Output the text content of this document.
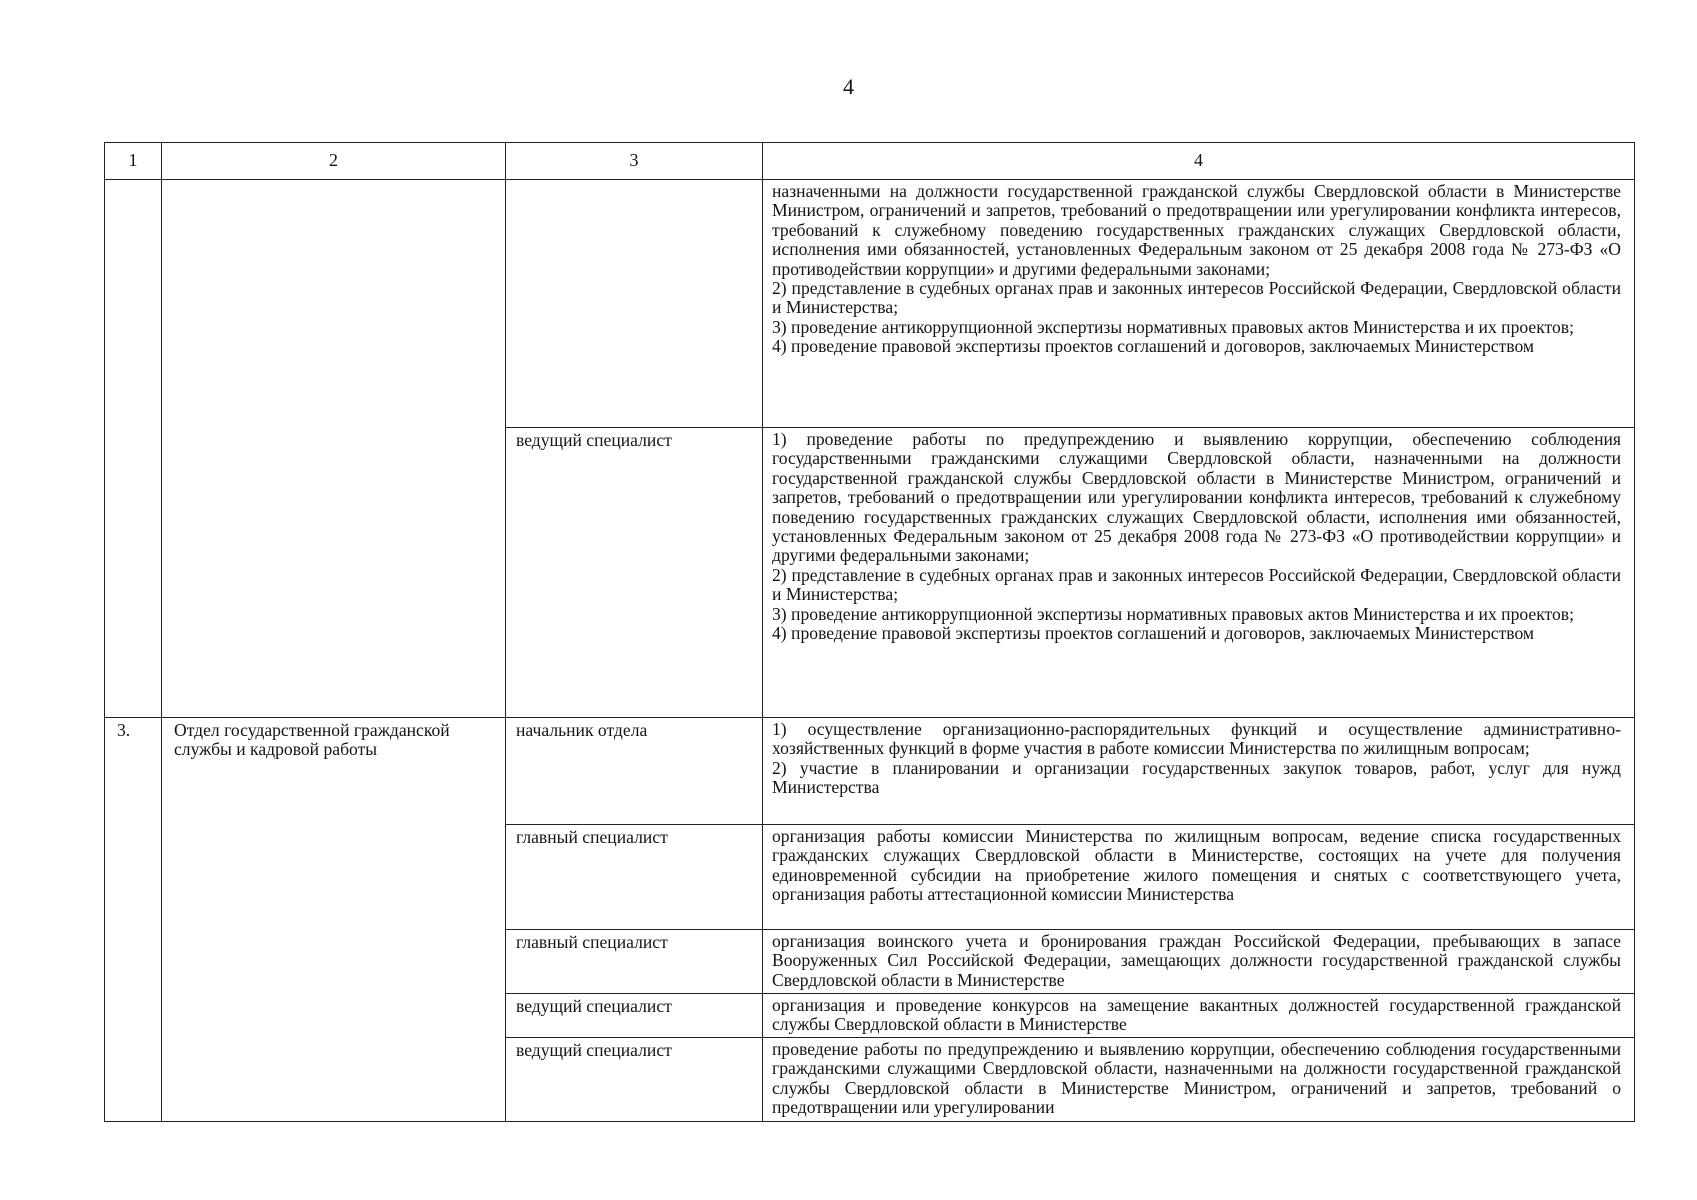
4
1	2	3	4

			назначенными на должности государственной гражданской службы Свердловской области в Министерстве Министром, ограничений и запретов, требований о предотвращении или урегулировании конфликта интересов, требований к служебному поведению государственных гражданских служащих Свердловской области, исполнения ими обязанностей, установленных Федеральным законом от 25 декабря 2008 года № 273-ФЗ «О противодействии коррупции» и другими федеральными законами;
2) представление в судебных органах прав и законных интересов Российской Федерации, Свердловской области и Министерства;
3) проведение антикоррупционной экспертизы нормативных правовых актов Министерства и их проектов;
4) проведение правовой экспертизы проектов соглашений и договоров, заключаемых Министерством

		ведущий специалист	1) проведение работы по предупреждению и выявлению коррупции, обеспечению соблюдения государственными гражданскими служащими Свердловской области, назначенными на должности государственной гражданской службы Свердловской области в Министерстве Министром, ограничений и запретов, требований о предотвращении или урегулировании конфликта интересов, требований к служебному поведению государственных гражданских служащих Свердловской области, исполнения ими обязанностей, установленных Федеральным законом от 25 декабря 2008 года № 273-ФЗ «О противодействии коррупции» и другими федеральными законами;
2) представление в судебных органах прав и законных интересов Российской Федерации, Свердловской области и Министерства;
3) проведение антикоррупционной экспертизы нормативных правовых актов Министерства и их проектов;
4) проведение правовой экспертизы проектов соглашений и договоров, заключаемых Министерством

3.	Отдел государственной гражданской службы и кадровой работы	начальник отдела	1) осуществление организационно-распорядительных функций и осуществление административно-хозяйственных функций в форме участия в работе комиссии Министерства по жилищным вопросам;
2) участие в планировании и организации государственных закупок товаров, работ, услуг для нужд Министерства

		главный специалист	организация работы комиссии Министерства по жилищным вопросам, ведение списка государственных гражданских служащих Свердловской области в Министерстве, состоящих на учете для получения единовременной субсидии на приобретение жилого помещения и снятых с соответствующего учета, организация работы аттестационной комиссии Министерства

		главный специалист	организация воинского учета и бронирования граждан Российской Федерации, пребывающих в запасе Вооруженных Сил Российской Федерации, замещающих должности государственной гражданской службы Свердловской области в Министерстве

		ведущий специалист	организация и проведение конкурсов на замещение вакантных должностей государственной гражданской службы Свердловской области в Министерстве

		ведущий специалист	проведение работы по предупреждению и выявлению коррупции, обеспечению соблюдения государственными гражданскими служащими Свердловской области, назначенными на должности государственной гражданской службы Свердловской области в Министерстве Министром, ограничений и запретов, требований о предотвращении или урегулировании
